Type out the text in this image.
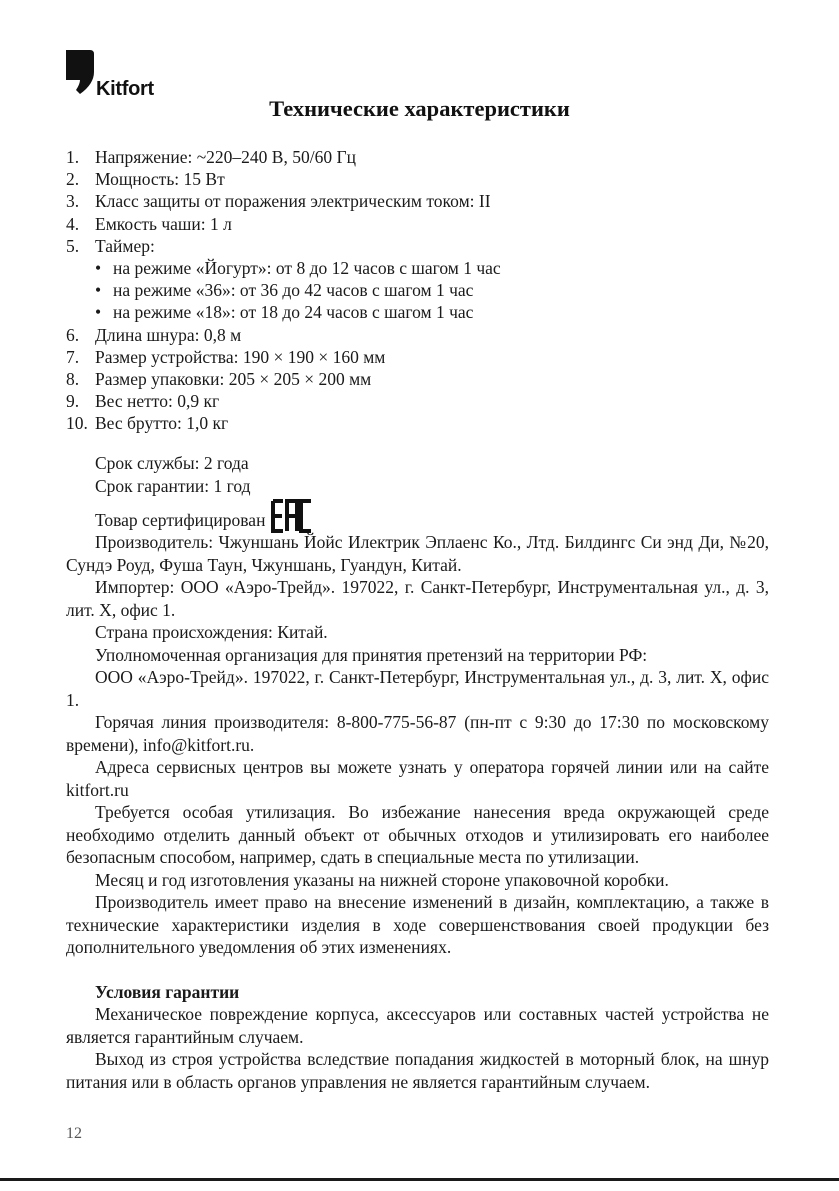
Kitfort
Технические характеристики
1. Напряжение: ~220–240 В, 50/60 Гц
2. Мощность: 15 Вт
3. Класс защиты от поражения электрическим током: II
4. Емкость чаши: 1 л
5. Таймер:
• на режиме «Йогурт»: от 8 до 12 часов с шагом 1 час
• на режиме «36»: от 36 до 42 часов с шагом 1 час
• на режиме «18»: от 18 до 24 часов с шагом 1 час
6. Длина шнура: 0,8 м
7. Размер устройства: 190 × 190 × 160 мм
8. Размер упаковки: 205 × 205 × 200 мм
9. Вес нетто: 0,9 кг
10. Вес брутто: 1,0 кг

Срок службы: 2 года

Срок гарантии: 1 год

Товар сертифицирован

Производитель: Чжуншань Йойс Илектрик Эплаенс Ко., Лтд. Билдингс Си энд Ди, №20, Сундэ Роуд, Фуша Таун, Чжуншань, Гуандун, Китай.

Импортер: ООО «Аэро-Трейд». 197022, г. Санкт-Петербург, Инструментальная ул., д. 3, лит. Х, офис 1.

Страна происхождения: Китай.

Уполномоченная организация для принятия претензий на территории РФ:

ООО «Аэро-Трейд». 197022, г. Санкт-Петербург, Инструментальная ул., д. 3, лит. Х, офис 1.

Горячая линия производителя: 8-800-775-56-87 (пн-пт с 9:30 до 17:30 по московскому времени), info@kitfort.ru.

Адреса сервисных центров вы можете узнать у оператора горячей линии или на сайте kitfort.ru

Требуется особая утилизация. Во избежание нанесения вреда окружающей среде необходимо отделить данный объект от обычных отходов и утилизировать его наиболее безопасным способом, например, сдать в специальные места по утилизации.

Месяц и год изготовления указаны на нижней стороне упаковочной коробки.

Производитель имеет право на внесение изменений в дизайн, комплектацию, а также в технические характеристики изделия в ходе совершенствования своей продукции без дополнительного уведомления об этих изменениях.

Условия гарантии

Механическое повреждение корпуса, аксессуаров или составных частей устройства не является гарантийным случаем.

Выход из строя устройства вследствие попадания жидкостей в моторный блок, на шнур питания или в область органов управления не является гарантийным случаем.

12
